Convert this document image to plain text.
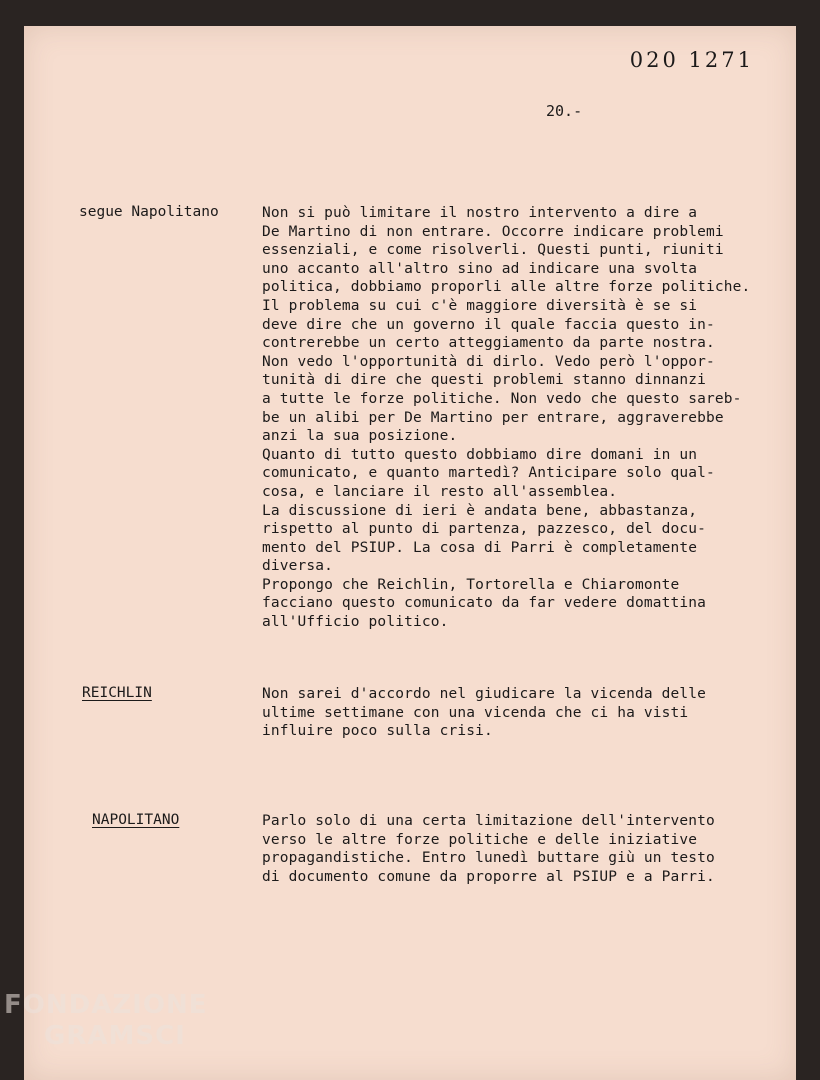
020 1271
20.-
segue Napolitano	Non si può limitare il nostro intervento a dire a
De Martino di non entrare. Occorre indicare problemi
essenziali, e come risolverli. Questi punti, riuniti
uno accanto all'altro sino ad indicare una svolta
politica, dobbiamo proporli alle altre forze politiche.
Il problema su cui c'è maggiore diversità è se si
deve dire che un governo il quale faccia questo in-
contrerebbe un certo atteggiamento da parte nostra.
Non vedo l'opportunità di dirlo. Vedo però l'oppor-
tunità di dire che questi problemi stanno dinnanzi
a tutte le forze politiche. Non vedo che questo sareb-
be un alibi per De Martino per entrare, aggraverebbe
anzi la sua posizione.
Quanto di tutto questo dobbiamo dire domani in un
comunicato, e quanto martedì? Anticipare solo qual-
cosa, e lanciare il resto all'assemblea.
La discussione di ieri è andata bene, abbastanza,
rispetto al punto di partenza, pazzesco, del docu-
mento del PSIUP. La cosa di Parri è completamente
diversa.
Propongo che Reichlin, Tortorella e Chiaromonte
facciano questo comunicato da far vedere domattina
all'Ufficio politico.
REICHLIN	Non sarei d'accordo nel giudicare la vicenda delle
ultime settimane con una vicenda che ci ha visti
influire poco sulla crisi.
NAPOLITANO	Parlo solo di una certa limitazione dell'intervento
verso le altre forze politiche e delle iniziative
propagandistiche. Entro lunedì buttare giù un testo
di documento comune da proporre al PSIUP e a Parri.
FONDAZIONE
GRAMSCI
